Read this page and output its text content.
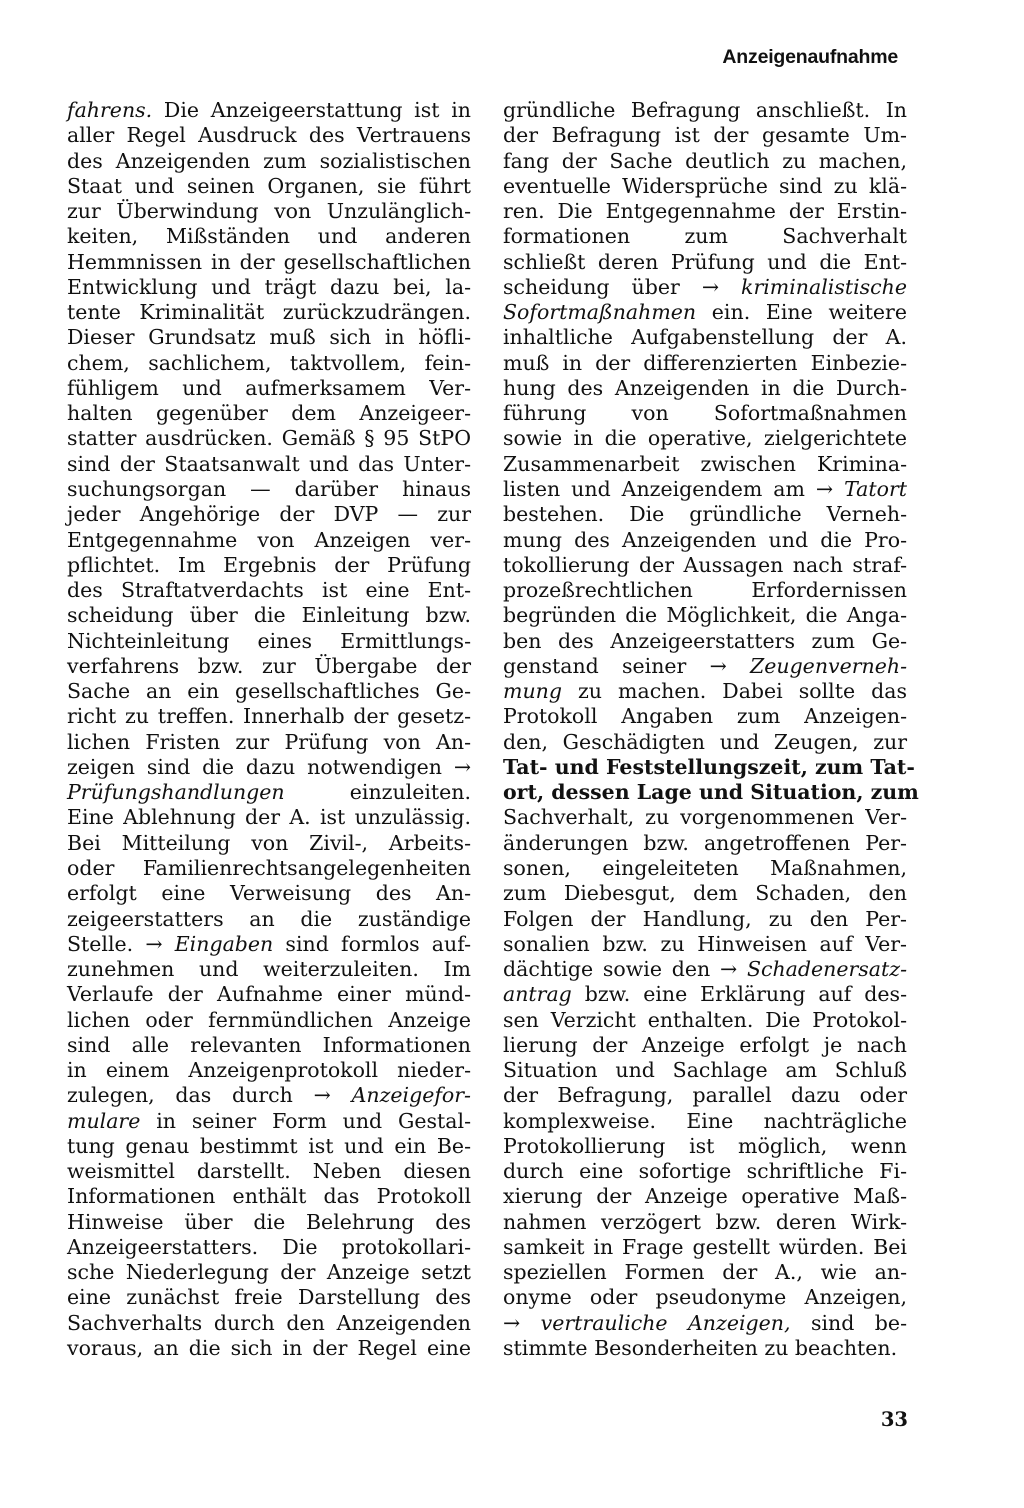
Anzeigenaufnahme
fahrens. Die Anzeigeerstattung ist in
aller Regel Ausdruck des Vertrauens
des Anzeigenden zum sozialistischen
Staat und seinen Organen, sie führt
zur Überwindung von Unzulänglich-
keiten, Mißständen und anderen
Hemmnissen in der gesellschaftlichen
Entwicklung und trägt dazu bei, la-
tente Kriminalität zurückzudrängen.
Dieser Grundsatz muß sich in höfli-
chem, sachlichem, taktvollem, fein-
fühligem und aufmerksamem Ver-
halten gegenüber dem Anzeigeer-
statter ausdrücken. Gemäß § 95 StPO
sind der Staatsanwalt und das Unter-
suchungsorgan — darüber hinaus
jeder Angehörige der DVP — zur
Entgegennahme von Anzeigen ver-
pflichtet. Im Ergebnis der Prüfung
des Straftatverdachts ist eine Ent-
scheidung über die Einleitung bzw.
Nichteinleitung eines Ermittlungs-
verfahrens bzw. zur Übergabe der
Sache an ein gesellschaftliches Ge-
richt zu treffen. Innerhalb der gesetz-
lichen Fristen zur Prüfung von An-
zeigen sind die dazu notwendigen →
Prüfungshandlungen einzuleiten.
Eine Ablehnung der A. ist unzulässig.
Bei Mitteilung von Zivil-, Arbeits-
oder Familienrechtsangelegenheiten
erfolgt eine Verweisung des An-
zeigeerstatters an die zuständige
Stelle. → Eingaben sind formlos auf-
zunehmen und weiterzuleiten. Im
Verlaufe der Aufnahme einer münd-
lichen oder fernmündlichen Anzeige
sind alle relevanten Informationen
in einem Anzeigenprotokoll nieder-
zulegen, das durch → Anzeigefor-
mulare in seiner Form und Gestal-
tung genau bestimmt ist und ein Be-
weismittel darstellt. Neben diesen
Informationen enthält das Protokoll
Hinweise über die Belehrung des
Anzeigeerstatters. Die protokollari-
sche Niederlegung der Anzeige setzt
eine zunächst freie Darstellung des
Sachverhalts durch den Anzeigenden
voraus, an die sich in der Regel eine
gründliche Befragung anschließt. In
der Befragung ist der gesamte Um-
fang der Sache deutlich zu machen,
eventuelle Widersprüche sind zu klä-
ren. Die Entgegennahme der Erstin-
formationen zum Sachverhalt
schließt deren Prüfung und die Ent-
scheidung über → kriminalistische
Sofortmaßnahmen ein. Eine weitere
inhaltliche Aufgabenstellung der A.
muß in der differenzierten Einbezie-
hung des Anzeigenden in die Durch-
führung von Sofortmaßnahmen
sowie in die operative, zielgerichtete
Zusammenarbeit zwischen Krimina-
listen und Anzeigendem am → Tatort
bestehen. Die gründliche Verneh-
mung des Anzeigenden und die Pro-
tokollierung der Aussagen nach straf-
prozeßrechtlichen Erfordernissen
begründen die Möglichkeit, die Anga-
ben des Anzeigeerstatters zum Ge-
genstand seiner → Zeugenverneh-
mung zu machen. Dabei sollte das
Protokoll Angaben zum Anzeigen-
den, Geschädigten und Zeugen, zur
Tat- und Feststellungszeit, zum Tat-
ort, dessen Lage und Situation, zum
Sachverhalt, zu vorgenommenen Ver-
änderungen bzw. angetroffenen Per-
sonen, eingeleiteten Maßnahmen,
zum Diebesgut, dem Schaden, den
Folgen der Handlung, zu den Per-
sonalien bzw. zu Hinweisen auf Ver-
dächtige sowie den → Schadenersatz-
antrag bzw. eine Erklärung auf des-
sen Verzicht enthalten. Die Protokol-
lierung der Anzeige erfolgt je nach
Situation und Sachlage am Schluß
der Befragung, parallel dazu oder
komplexweise. Eine nachträgliche
Protokollierung ist möglich, wenn
durch eine sofortige schriftliche Fi-
xierung der Anzeige operative Maß-
nahmen verzögert bzw. deren Wirk-
samkeit in Frage gestellt würden. Bei
speziellen Formen der A., wie an-
onyme oder pseudonyme Anzeigen,
→ vertrauliche Anzeigen, sind be-
stimmte Besonderheiten zu beachten.
33
